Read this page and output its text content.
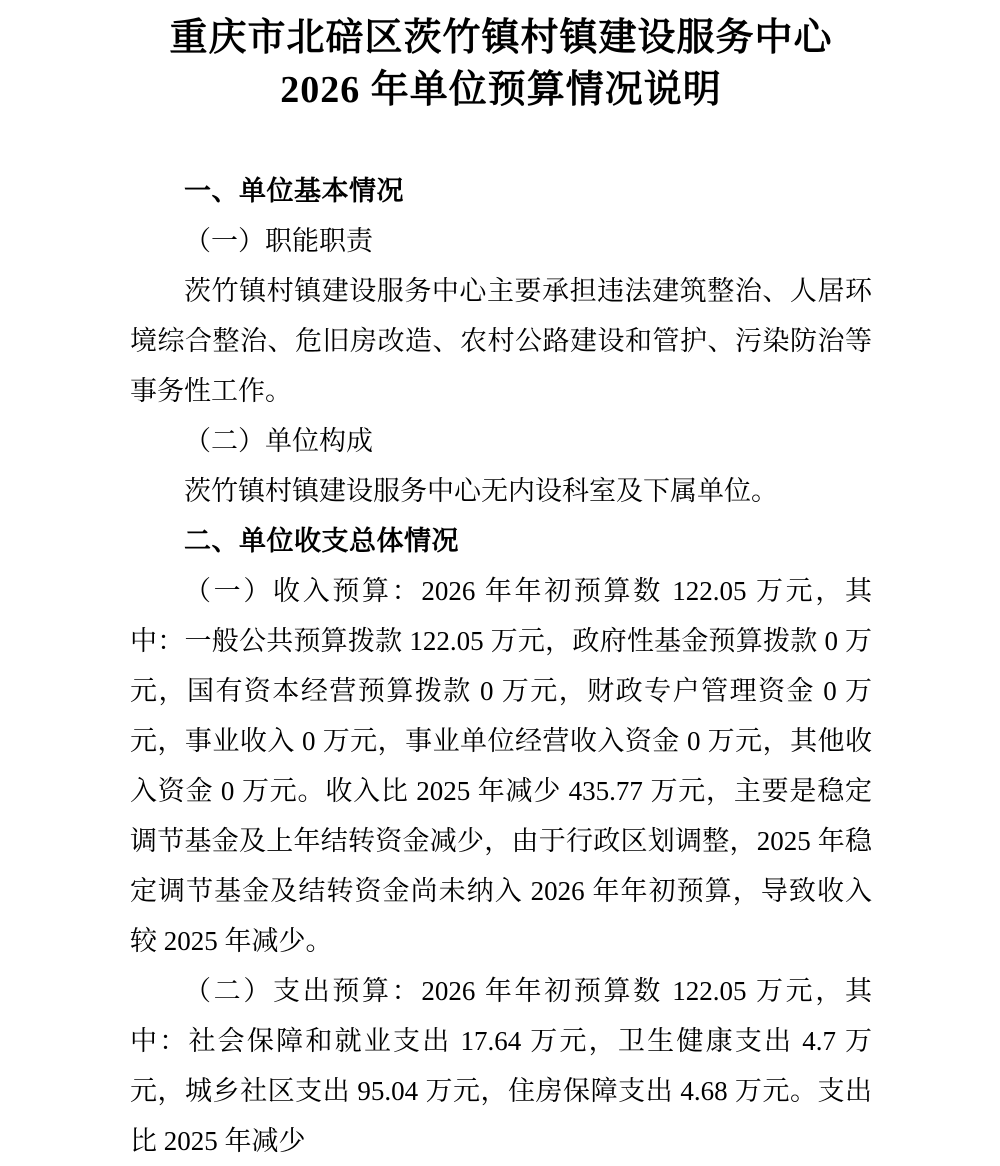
重庆市北碚区茨竹镇村镇建设服务中心
2026 年单位预算情况说明
一、单位基本情况
（一）职能职责

茨竹镇村镇建设服务中心主要承担违法建筑整治、人居环境综合整治、危旧房改造、农村公路建设和管护、污染防治等事务性工作。

（二）单位构成

茨竹镇村镇建设服务中心无内设科室及下属单位。

二、单位收支总体情况

（一）收入预算：2026 年年初预算数 122.05 万元，其中：一般公共预算拨款 122.05 万元，政府性基金预算拨款 0 万元，国有资本经营预算拨款 0 万元，财政专户管理资金 0 万元，事业收入 0 万元，事业单位经营收入资金 0 万元，其他收入资金 0 万元。收入比 2025 年减少 435.77 万元，主要是稳定调节基金及上年结转资金减少，由于行政区划调整，2025 年稳定调节基金及结转资金尚未纳入 2026 年年初预算，导致收入较 2025 年减少。

（二）支出预算：2026 年年初预算数 122.05 万元，其中：社会保障和就业支出 17.64 万元，卫生健康支出 4.7 万元，城乡社区支出 95.04 万元，住房保障支出 4.68 万元。支出比 2025 年减少
